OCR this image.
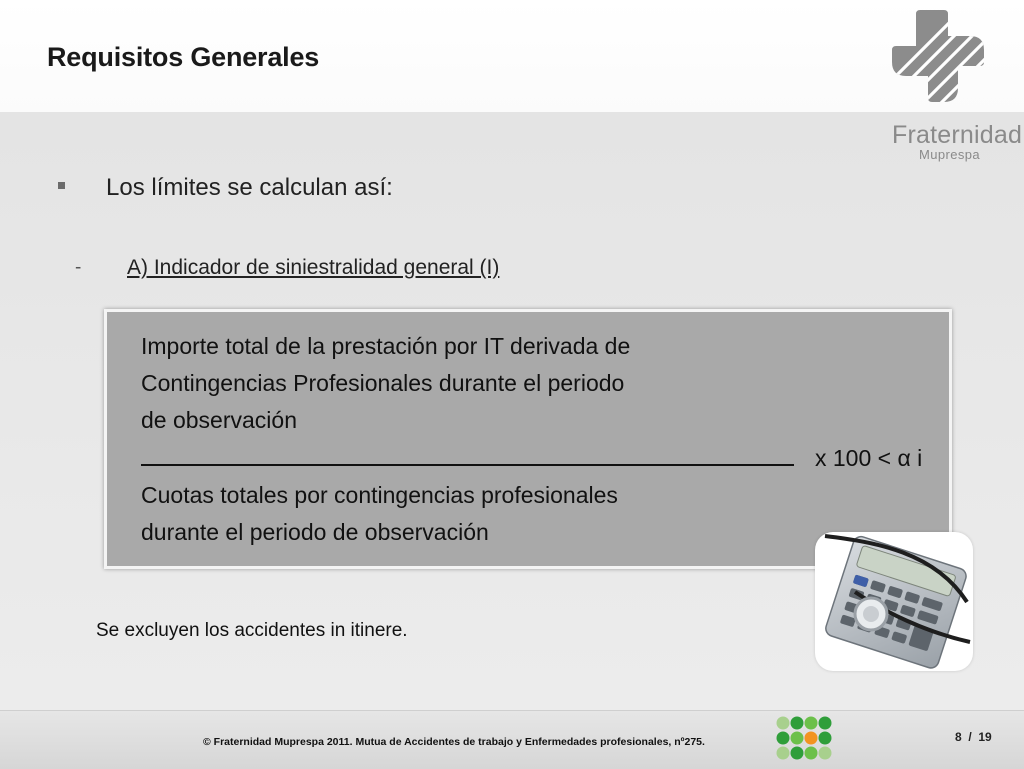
Requisitos Generales
Fraternidad
Muprespa
Los límites se calculan así:
- A) Indicador de siniestralidad general (I)
Importe total de la prestación por IT derivada de
Contingencias Profesionales durante el periodo
de observación
x 100 < α i
Cuotas totales por contingencias profesionales
durante el periodo de observación
Se excluyen los accidentes in itinere.
© Fraternidad Muprespa 2011. Mutua de Accidentes de trabajo y Enfermedades profesionales, nº275.	8 / 19
